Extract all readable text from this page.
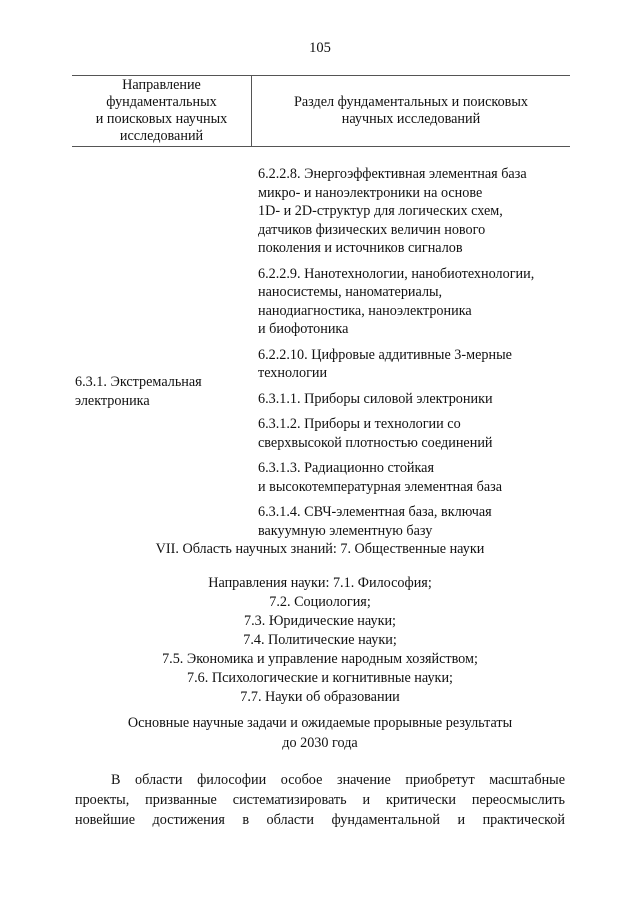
105
Направление
фундаментальных
и поисковых научных
исследований
Раздел фундаментальных и поисковых
научных исследований
6.2.2.8. Энергоэффективная элементная база
микро- и наноэлектроники на основе
1D- и 2D-структур для логических схем,
датчиков физических величин нового
поколения и источников сигналов
6.2.2.9. Нанотехнологии, нанобиотехнологии,
наносистемы, наноматериалы,
нанодиагностика, наноэлектроника
и биофотоника
6.2.2.10. Цифровые аддитивные 3-мерные
технологии
6.3.1.1. Приборы силовой электроники
6.3.1.2. Приборы и технологии со
сверхвысокой плотностью соединений
6.3.1.3. Радиационно стойкая
и высокотемпературная элементная база
6.3.1.4. СВЧ-элементная база, включая
вакуумную элементную базу
6.3.1. Экстремальная
электроника
VII. Область научных знаний: 7. Общественные науки
Направления науки: 7.1. Философия;
7.2. Социология;
7.3. Юридические науки;
7.4. Политические науки;
7.5. Экономика и управление народным хозяйством;
7.6. Психологические и когнитивные науки;
7.7. Науки об образовании
Основные научные задачи и ожидаемые прорывные результаты
до 2030 года
В области философии особое значение приобретут масштабные
проекты, призванные систематизировать и критически переосмыслить
новейшие достижения в области фундаментальной и практической
